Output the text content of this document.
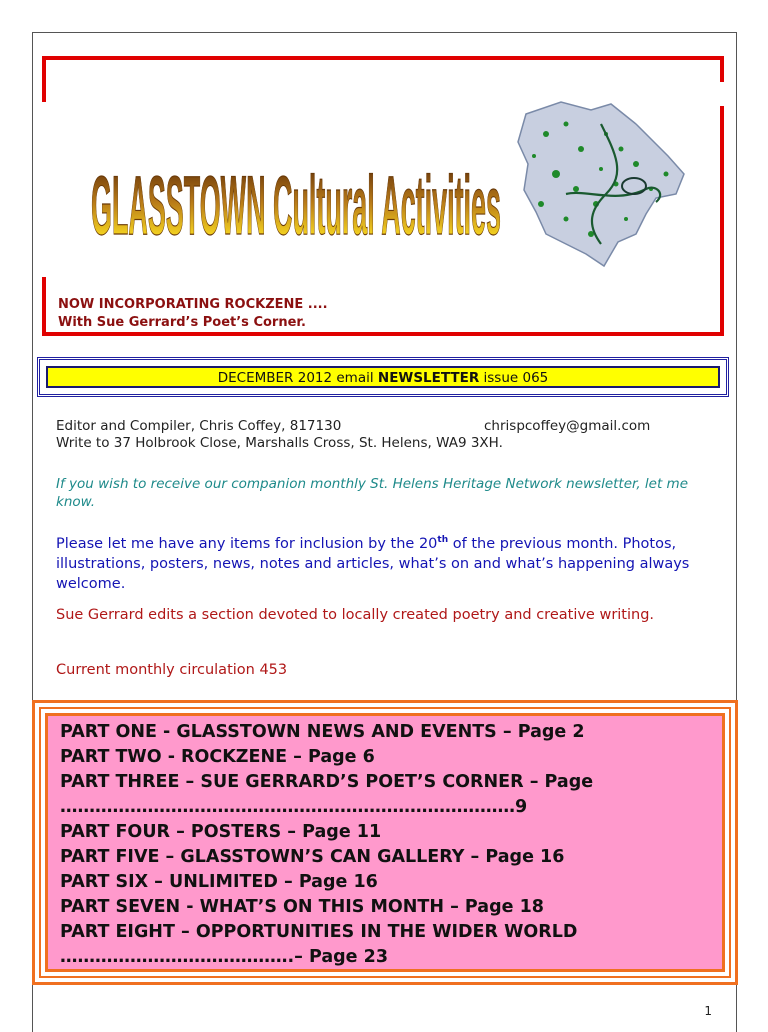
GLASSTOWN Cultural Activities
NOW INCORPORATING ROCKZENE ....
With Sue Gerrard’s Poet’s Corner.
DECEMBER 2012 email NEWSLETTER issue 065
Editor and Compiler, Chris Coffey, 817130	chrispcoffey@gmail.com
Write to 37 Holbrook Close, Marshalls Cross, St. Helens, WA9 3XH.
If you wish to receive our companion monthly St. Helens Heritage Network newsletter, let me know.
Please let me have any items for inclusion by the 20th of the previous month. Photos, illustrations, posters, news, notes and articles, what’s on and what’s happening always welcome.
Sue Gerrard edits a section devoted to locally created poetry and creative writing.
Current monthly circulation 453
PART ONE - GLASSTOWN NEWS AND EVENTS – Page 2
PART TWO - ROCKZENE – Page 6
PART THREE – SUE GERRARD’S POET’S CORNER – Page
……………………………………………………………………9
PART FOUR – POSTERS – Page 11
PART FIVE – GLASSTOWN’S CAN GALLERY – Page 16
PART SIX – UNLIMITED – Page 16
PART SEVEN - WHAT’S ON THIS MONTH – Page 18
PART EIGHT – OPPORTUNITIES IN THE WIDER WORLD
………………………………….– Page 23
1
